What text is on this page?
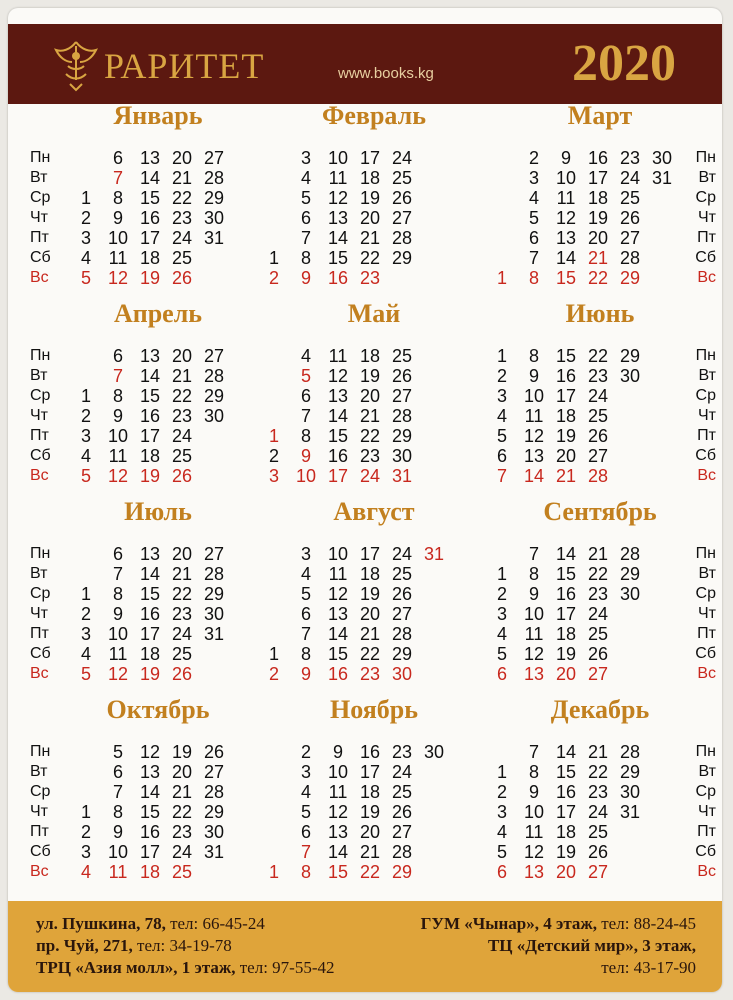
РАРИТЕТ	www.books.kg	2020
Январь
Пн
Вт
Ср
Чт
Пт
Сб
Вс
1
2
3
4
5
6
7
8
9
10
11
12
13
14
15
16
17
18
19
20
21
22
23
24
25
26
27
28
29
30
31
Февраль
1
2
3
4
5
6
7
8
9
10
11
12
13
14
15
16
17
18
19
20
21
22
23
24
25
26
27
28
29
Март
Пн
Вт
Ср
Чт
Пт
Сб
Вс
1
2
3
4
5
6
7
8
9
10
11
12
13
14
15
16
17
18
19
20
21
22
23
24
25
26
27
28
29
30
31
Апрель
Пн
Вт
Ср
Чт
Пт
Сб
Вс
1
2
3
4
5
6
7
8
9
10
11
12
13
14
15
16
17
18
19
20
21
22
23
24
25
26
27
28
29
30
Май
1
2
3
4
5
6
7
8
9
10
11
12
13
14
15
16
17
18
19
20
21
22
23
24
25
26
27
28
29
30
31
Июнь
Пн
Вт
Ср
Чт
Пт
Сб
Вс
1
2
3
4
5
6
7
8
9
10
11
12
13
14
15
16
17
18
19
20
21
22
23
24
25
26
27
28
29
30
Июль
Пн
Вт
Ср
Чт
Пт
Сб
Вс
1
2
3
4
5
6
7
8
9
10
11
12
13
14
15
16
17
18
19
20
21
22
23
24
25
26
27
28
29
30
31
Август
1
2
3
4
5
6
7
8
9
10
11
12
13
14
15
16
17
18
19
20
21
22
23
24
25
26
27
28
29
30
31
Сентябрь
Пн
Вт
Ср
Чт
Пт
Сб
Вс
1
2
3
4
5
6
7
8
9
10
11
12
13
14
15
16
17
18
19
20
21
22
23
24
25
26
27
28
29
30
Октябрь
Пн
Вт
Ср
Чт
Пт
Сб
Вс
1
2
3
4
5
6
7
8
9
10
11
12
13
14
15
16
17
18
19
20
21
22
23
24
25
26
27
28
29
30
31
Ноябрь
1
2
3
4
5
6
7
8
9
10
11
12
13
14
15
16
17
18
19
20
21
22
23
24
25
26
27
28
29
30
Декабрь
Пн
Вт
Ср
Чт
Пт
Сб
Вс
1
2
3
4
5
6
7
8
9
10
11
12
13
14
15
16
17
18
19
20
21
22
23
24
25
26
27
28
29
30
31
ул. Пушкина, 78, тел: 66-45-24
пр. Чуй, 271, тел: 34-19-78
ТРЦ «Азия молл», 1 этаж, тел: 97-55-42
ГУМ «Чынар», 4 этаж, тел: 88-24-45
ТЦ «Детский мир», 3 этаж,
тел: 43-17-90
